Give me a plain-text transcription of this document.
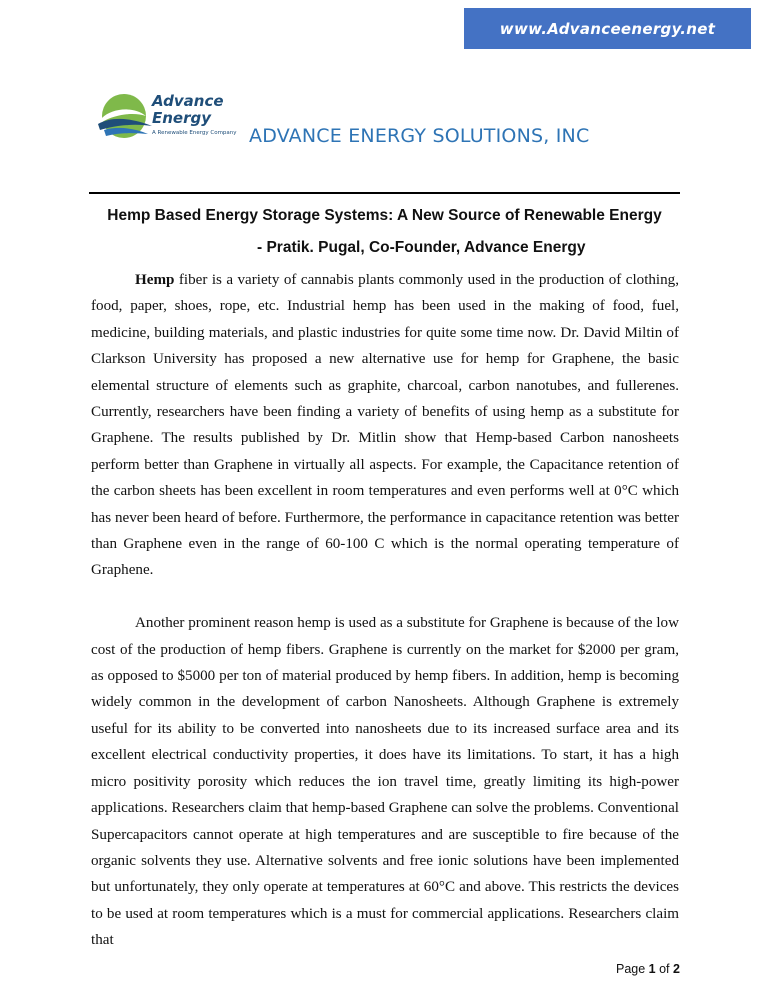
www.Advanceenergy.net
Advance
Energy
A Renewable Energy Company ADVANCE ENERGY SOLUTIONS, INC
Hemp Based Energy Storage Systems: A New Source of Renewable Energy
- Pratik. Pugal, Co-Founder, Advance Energy

Hemp fiber is a variety of cannabis plants commonly used in the production of clothing, food, paper, shoes, rope, etc. Industrial hemp has been used in the making of food, fuel, medicine, building materials, and plastic industries for quite some time now. Dr. David Miltin of Clarkson University has proposed a new alternative use for hemp for Graphene, the basic elemental structure of elements such as graphite, charcoal, carbon nanotubes, and fullerenes. Currently, researchers have been finding a variety of benefits of using hemp as a substitute for Graphene. The results published by Dr. Mitlin show that Hemp-based Carbon nanosheets perform better than Graphene in virtually all aspects. For example, the Capacitance retention of the carbon sheets has been excellent in room temperatures and even performs well at 0°C which has never been heard of before. Furthermore, the performance in capacitance retention was better than Graphene even in the range of 60-100 C which is the normal operating temperature of Graphene.

Another prominent reason hemp is used as a substitute for Graphene is because of the low cost of the production of hemp fibers. Graphene is currently on the market for $2000 per gram, as opposed to $5000 per ton of material produced by hemp fibers. In addition, hemp is becoming widely common in the development of carbon Nanosheets. Although Graphene is extremely useful for its ability to be converted into nanosheets due to its increased surface area and its excellent electrical conductivity properties, it does have its limitations. To start, it has a high micro positivity porosity which reduces the ion travel time, greatly limiting its high-power applications. Researchers claim that hemp-based Graphene can solve the problems. Conventional Supercapacitors cannot operate at high temperatures and are susceptible to fire because of the organic solvents they use. Alternative solvents and free ionic solutions have been implemented but unfortunately, they only operate at temperatures at 60°C and above. This restricts the devices to be used at room temperatures which is a must for commercial applications. Researchers claim that

Page 1 of 2
